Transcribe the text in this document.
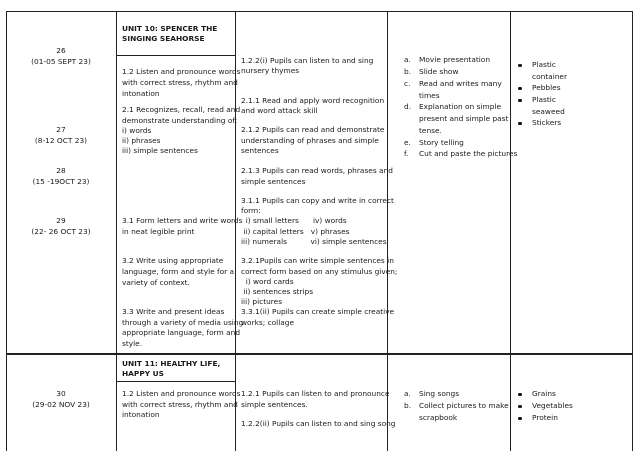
UNIT 10: SPENCER THE
SINGING SEAHORSE
26
(01-05 SEPT 23)
27
(8-12 OCT 23)
28
(15 -19OCT 23)
29
(22- 26 OCT 23)
1.2 Listen and pronounce words
with correct stress, rhythm and
intonation
2.1 Recognizes, recall, read and
demonstrate understanding of:
i) words
ii) phrases
iii) simple sentences
3.1 Form letters and write words
in neat legible print
3.2 Write using appropriate
language, form and style for a
variety of context.
3.3 Write and present ideas
through a variety of media using
appropriate language, form and
style.
1.2.2(i) Pupils can listen to and sing
nursery thymes
2.1.1 Read and apply word recognition
and word attack skill
2.1.2 Pupils can read and demonstrate
understanding of phrases and simple
sentences
2.1.3 Pupils can read words, phrases and
simple sentences
3.1.1 Pupils can copy and write in correct
form:
i) small letters      iv) words
ii) capital letters   v) phrases
iii) numerals          vi) simple sentences
3.2.1Pupils can write simple sentences in
correct form based on any stimulus given;
i) word cards
ii) sentences strips
iii) pictures
3.3.1(ii) Pupils can create simple creative
works; collage
a. Movie presentation
b. Slide show
c. Read and writes many
times
d. Explanation on simple
present and simple past
tense.
e. Story telling
f. Cut and paste the pictures
Plastic
container
Pebbles
Plastic
seaweed
Stickers
UNIT 11: HEALTHY LIFE,
HAPPY US
30
(29-02 NOV 23)
1.2 Listen and pronounce words
with correct stress, rhythm and
intonation
1.2.1 Pupils can listen to and pronounce
simple sentences.
1.2.2(ii) Pupils can listen to and sing song
a. Sing songs
b. Collect pictures to make
scrapbook
Grains
Vegetables
Protein
